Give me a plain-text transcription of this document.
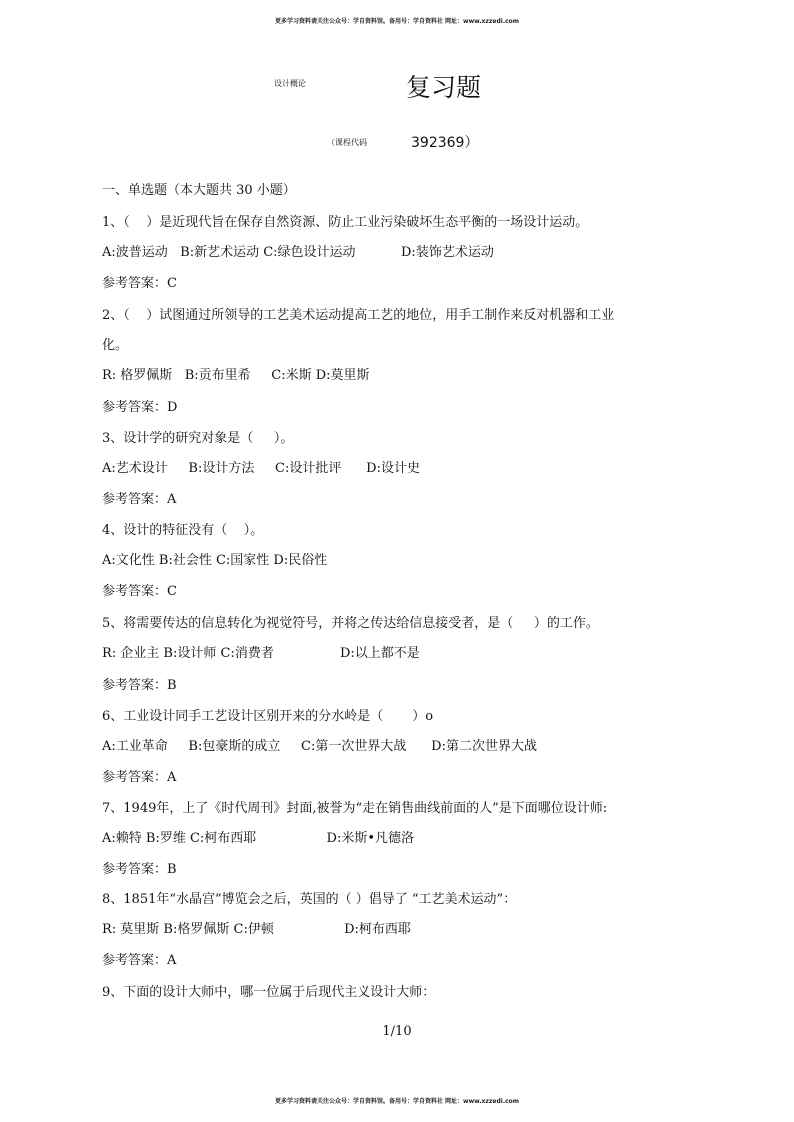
更多学习资料请关注公众号：学自资料馆。备用号：学自资料社 网址：www.xzzedi.com
设计概论	复习题
（课程代码	392369）
一、单选题（本大题共 30 小题）
1、（    ）是近现代旨在保存自然资源、防止工业污染破坏生态平衡的一场设计运动。
A:波普运动   B:新艺术运动 C:绿色设计运动           D:装饰艺术运动
参考答案：C
2、（    ）试图通过所领导的工艺美术运动提高工艺的地位，用手工制作来反对机器和工业
化。
R: 格罗佩斯   B:贡布里希     C:米斯 D:莫里斯
参考答案：D
3、设计学的研究对象是（     ）。
A:艺术设计     B:设计方法     C:设计批评      D:设计史
参考答案：A
4、设计的特征没有（    ）。
A:文化性 B:社会性 C:国家性 D:民俗性
参考答案：C
5、将需要传达的信息转化为视觉符号，并将之传达给信息接受者，是（     ）的工作。
R: 企业主 B:设计师 C:消费者                D:以上都不是
参考答案：B
6、工业设计同手工艺设计区别开来的分水岭是（       ）o
A:工业革命     B:包豪斯的成立     C:第一次世界大战      D:第二次世界大战
参考答案：A
7、1949年，上了《时代周刊》封面,被誉为“走在销售曲线前面的人”是下面哪位设计师:
A:赖特 B:罗维 C:柯布西耶                 D:米斯•凡德洛
参考答案：B
8、1851年“水晶宫”博览会之后，英国的（ ）倡导了 “工艺美术运动”：
R: 莫里斯 B:格罗佩斯 C:伊顿                 D:柯布西耶
参考答案：A
9、下面的设计大师中，哪一位属于后现代主义设计大师：
1/10
更多学习资料请关注公众号：学自资料馆。备用号：学自资料社 网址：www.xzzedi.com
